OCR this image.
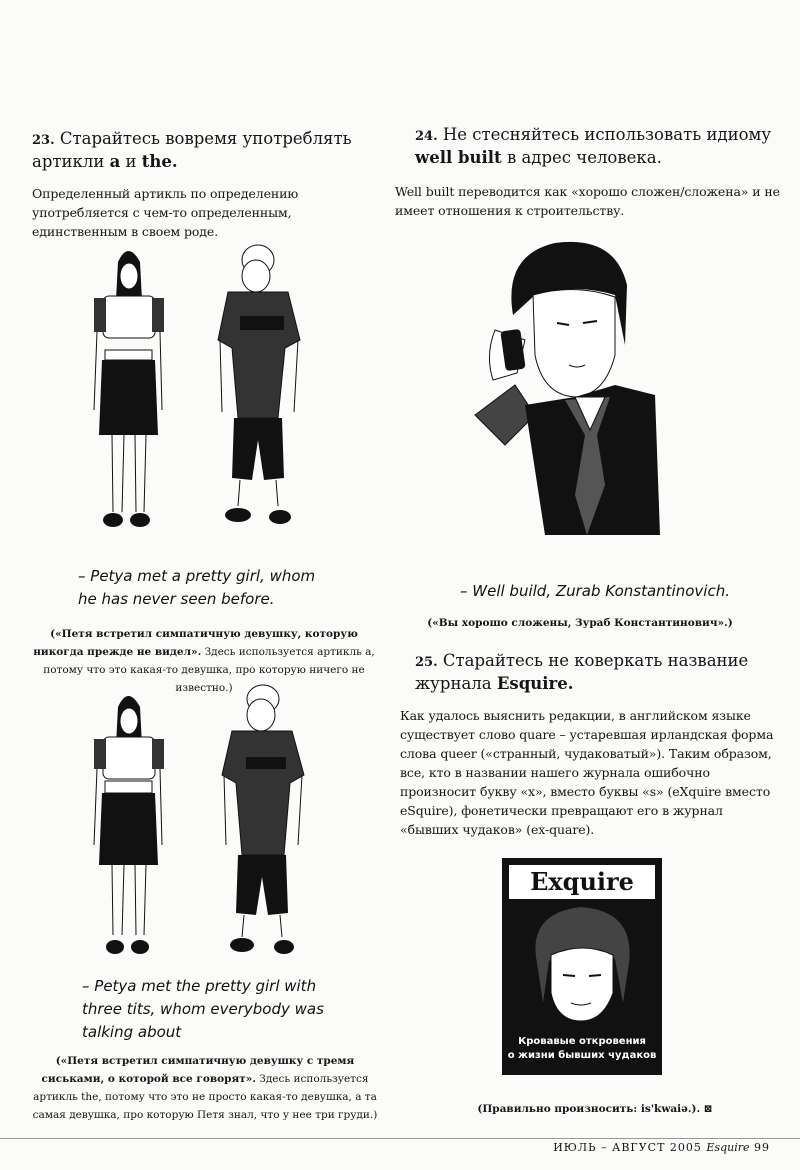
23. Старайтесь вовремя употреблять артикли a и the.
Определенный артикль по определению употребляется с чем-то определенным, единственным в своем роде.
– Petya met a pretty girl, whom he has never seen before.
(«Петя встретил симпатичную девушку, которую никогда прежде не видел». Здесь используется артикль a, потому что это какая-то девушка, про которую ничего не известно.)
– Petya met the pretty girl with three tits, whom everybody was talking about
(«Петя встретил симпатичную девушку с тремя сиськами, о которой все говорят». Здесь используется артикль the, потому что это не просто какая-то девушка, а та самая девушка, про которую Петя знал, что у нее три груди.)
24. Не стесняйтесь использовать идиому well built в адрес человека.
Well built переводится как «хорошо сложен/сложена» и не имеет отношения к строительству.
– Well build, Zurab Konstantinovich.
(«Вы хорошо сложены, Зураб Константинович».)
25. Старайтесь не коверкать название журнала Esquire.
Как удалось выяснить редакции, в английском языке существует слово quare – устаревшая ирландская форма слова queer («странный, чудаковатый»). Таким образом, все, кто в названии нашего журнала ошибочно произносит букву «x», вместо буквы «s» (eXquire вместо eSquire), фонетически превращают его в журнал «бывших чудаков» (ex-quare).
Exquire
Кровавые откровения
о жизни бывших чудаков
(Правильно произносить: is'kwaiə.). ⊠
ИЮЛЬ – АВГУСТ 2005 Esquire 99
